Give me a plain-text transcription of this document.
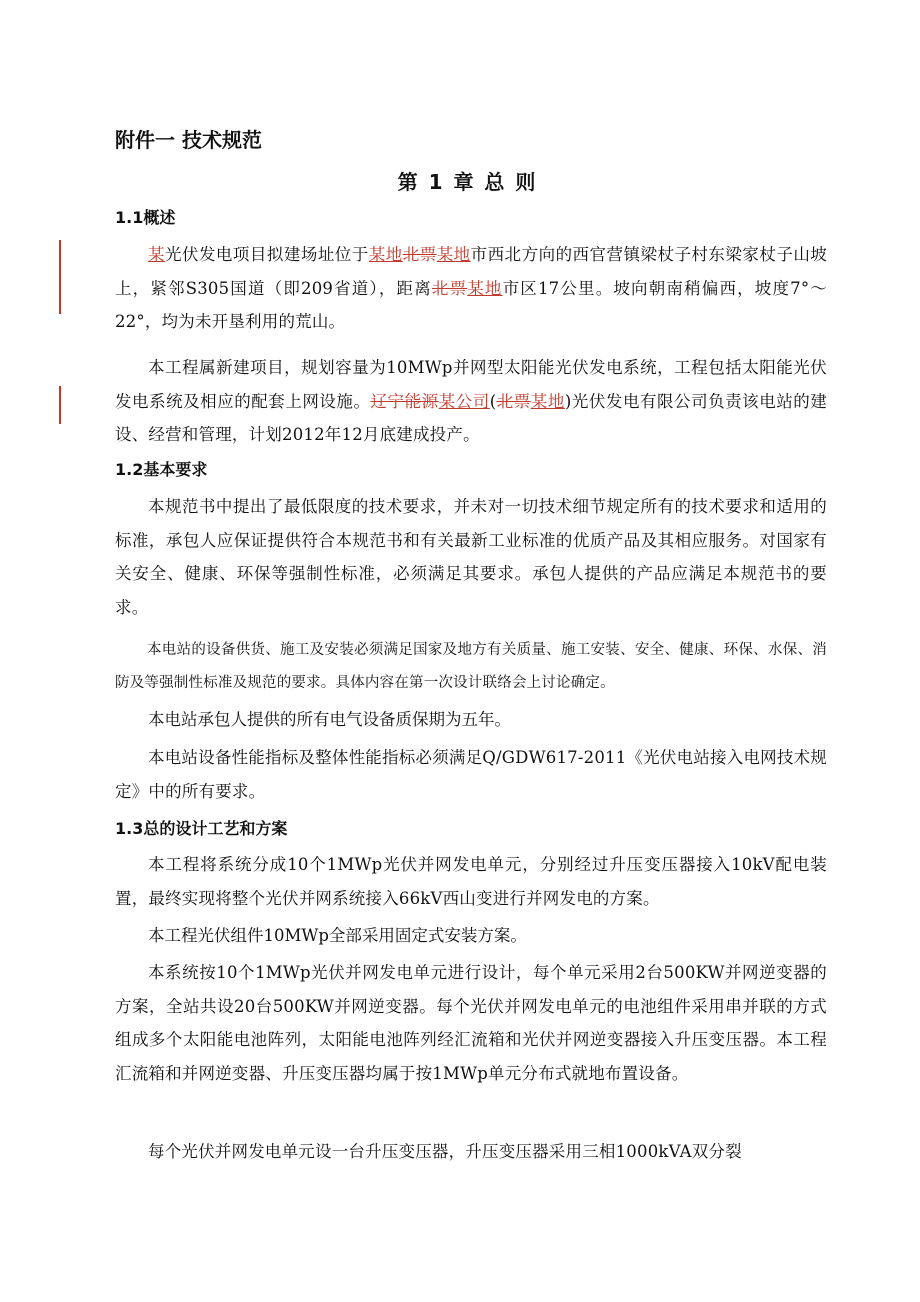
附件一 技术规范
第 1 章 总 则
1.1概述

某光伏发电项目拟建场址位于某地北票某地市西北方向的西官营镇梁杖子村东梁家杖子山坡上，紧邻S305国道（即209省道），距离北票某地市区17公里。坡向朝南稍偏西，坡度7°～22°，均为未开垦利用的荒山。

本工程属新建项目，规划容量为10MWp并网型太阳能光伏发电系统，工程包括太阳能光伏发电系统及相应的配套上网设施。辽宁能源某公司(北票某地)光伏发电有限公司负责该电站的建设、经营和管理，计划2012年12月底建成投产。

1.2基本要求

本规范书中提出了最低限度的技术要求，并未对一切技术细节规定所有的技术要求和适用的标准，承包人应保证提供符合本规范书和有关最新工业标准的优质产品及其相应服务。对国家有关安全、健康、环保等强制性标准，必须满足其要求。承包人提供的产品应满足本规范书的要求。

本电站的设备供货、施工及安装必须满足国家及地方有关质量、施工安装、安全、健康、环保、水保、消防及等强制性标准及规范的要求。具体内容在第一次设计联络会上讨论确定。

本电站承包人提供的所有电气设备质保期为五年。

本电站设备性能指标及整体性能指标必须满足Q/GDW617-2011《光伏电站接入电网技术规定》中的所有要求。

1.3总的设计工艺和方案

本工程将系统分成10个1MWp光伏并网发电单元，分别经过升压变压器接入10kV配电装置，最终实现将整个光伏并网系统接入66kV西山变进行并网发电的方案。

本工程光伏组件10MWp全部采用固定式安装方案。

本系统按10个1MWp光伏并网发电单元进行设计，每个单元采用2台500KW并网逆变器的方案，全站共设20台500KW并网逆变器。每个光伏并网发电单元的电池组件采用串并联的方式组成多个太阳能电池阵列，太阳能电池阵列经汇流箱和光伏并网逆变器接入升压变压器。本工程汇流箱和并网逆变器、升压变压器均属于按1MWp单元分布式就地布置设备。

每个光伏并网发电单元设一台升压变压器，升压变压器采用三相1000kVA双分裂
